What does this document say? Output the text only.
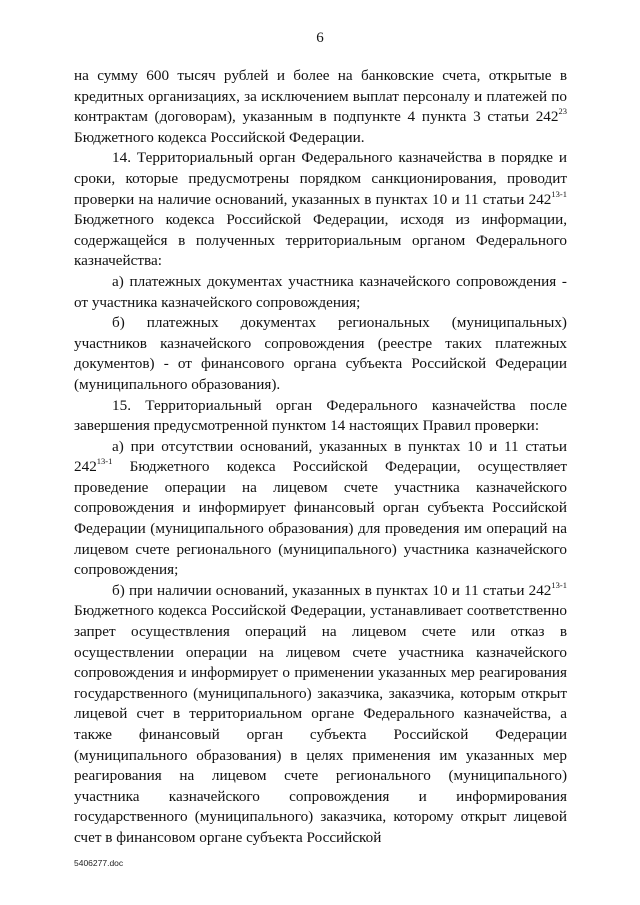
6

на сумму 600 тысяч рублей и более на банковские счета, открытые в кредитных организациях, за исключением выплат персоналу и платежей по контрактам (договорам), указанным в подпункте 4 пункта 3 статьи $242^{23}$ Бюджетного кодекса Российской Федерации.

14. Территориальный орган Федерального казначейства в порядке и сроки, которые предусмотрены порядком санкционирования, проводит проверки на наличие оснований, указанных в пунктах 10 и 11 статьи 242$^{13-1}$ Бюджетного кодекса Российской Федерации, исходя из информации, содержащейся в полученных территориальным органом Федерального казначейства:

а) платежных документах участника казначейского сопровождения - от участника казначейского сопровождения;

б) платежных документах региональных (муниципальных) участников казначейского сопровождения (реестре таких платежных документов) - от финансового органа субъекта Российской Федерации (муниципального образования).

15. Территориальный орган Федерального казначейства после завершения предусмотренной пунктом 14 настоящих Правил проверки:

а) при отсутствии оснований, указанных в пунктах 10 и 11 статьи 242$^{13-1}$ Бюджетного кодекса Российской Федерации, осуществляет проведение операции на лицевом счете участника казначейского сопровождения и информирует финансовый орган субъекта Российской Федерации (муниципального образования) для проведения им операций на лицевом счете регионального (муниципального) участника казначейского сопровождения;

б) при наличии оснований, указанных в пунктах 10 и 11 статьи 242$^{13-1}$ Бюджетного кодекса Российской Федерации, устанавливает соответственно запрет осуществления операций на лицевом счете или отказ в осуществлении операции на лицевом счете участника казначейского сопровождения и информирует о применении указанных мер реагирования государственного (муниципального) заказчика, заказчика, которым открыт лицевой счет в территориальном органе Федерального казначейства, а также финансовый орган субъекта Российской Федерации (муниципального образования) в целях применения им указанных мер реагирования на лицевом счете регионального (муниципального) участника казначейского сопровождения и информирования государственного (муниципального) заказчика, которому открыт лицевой счет в финансовом органе субъекта Российской

5406277.doc
